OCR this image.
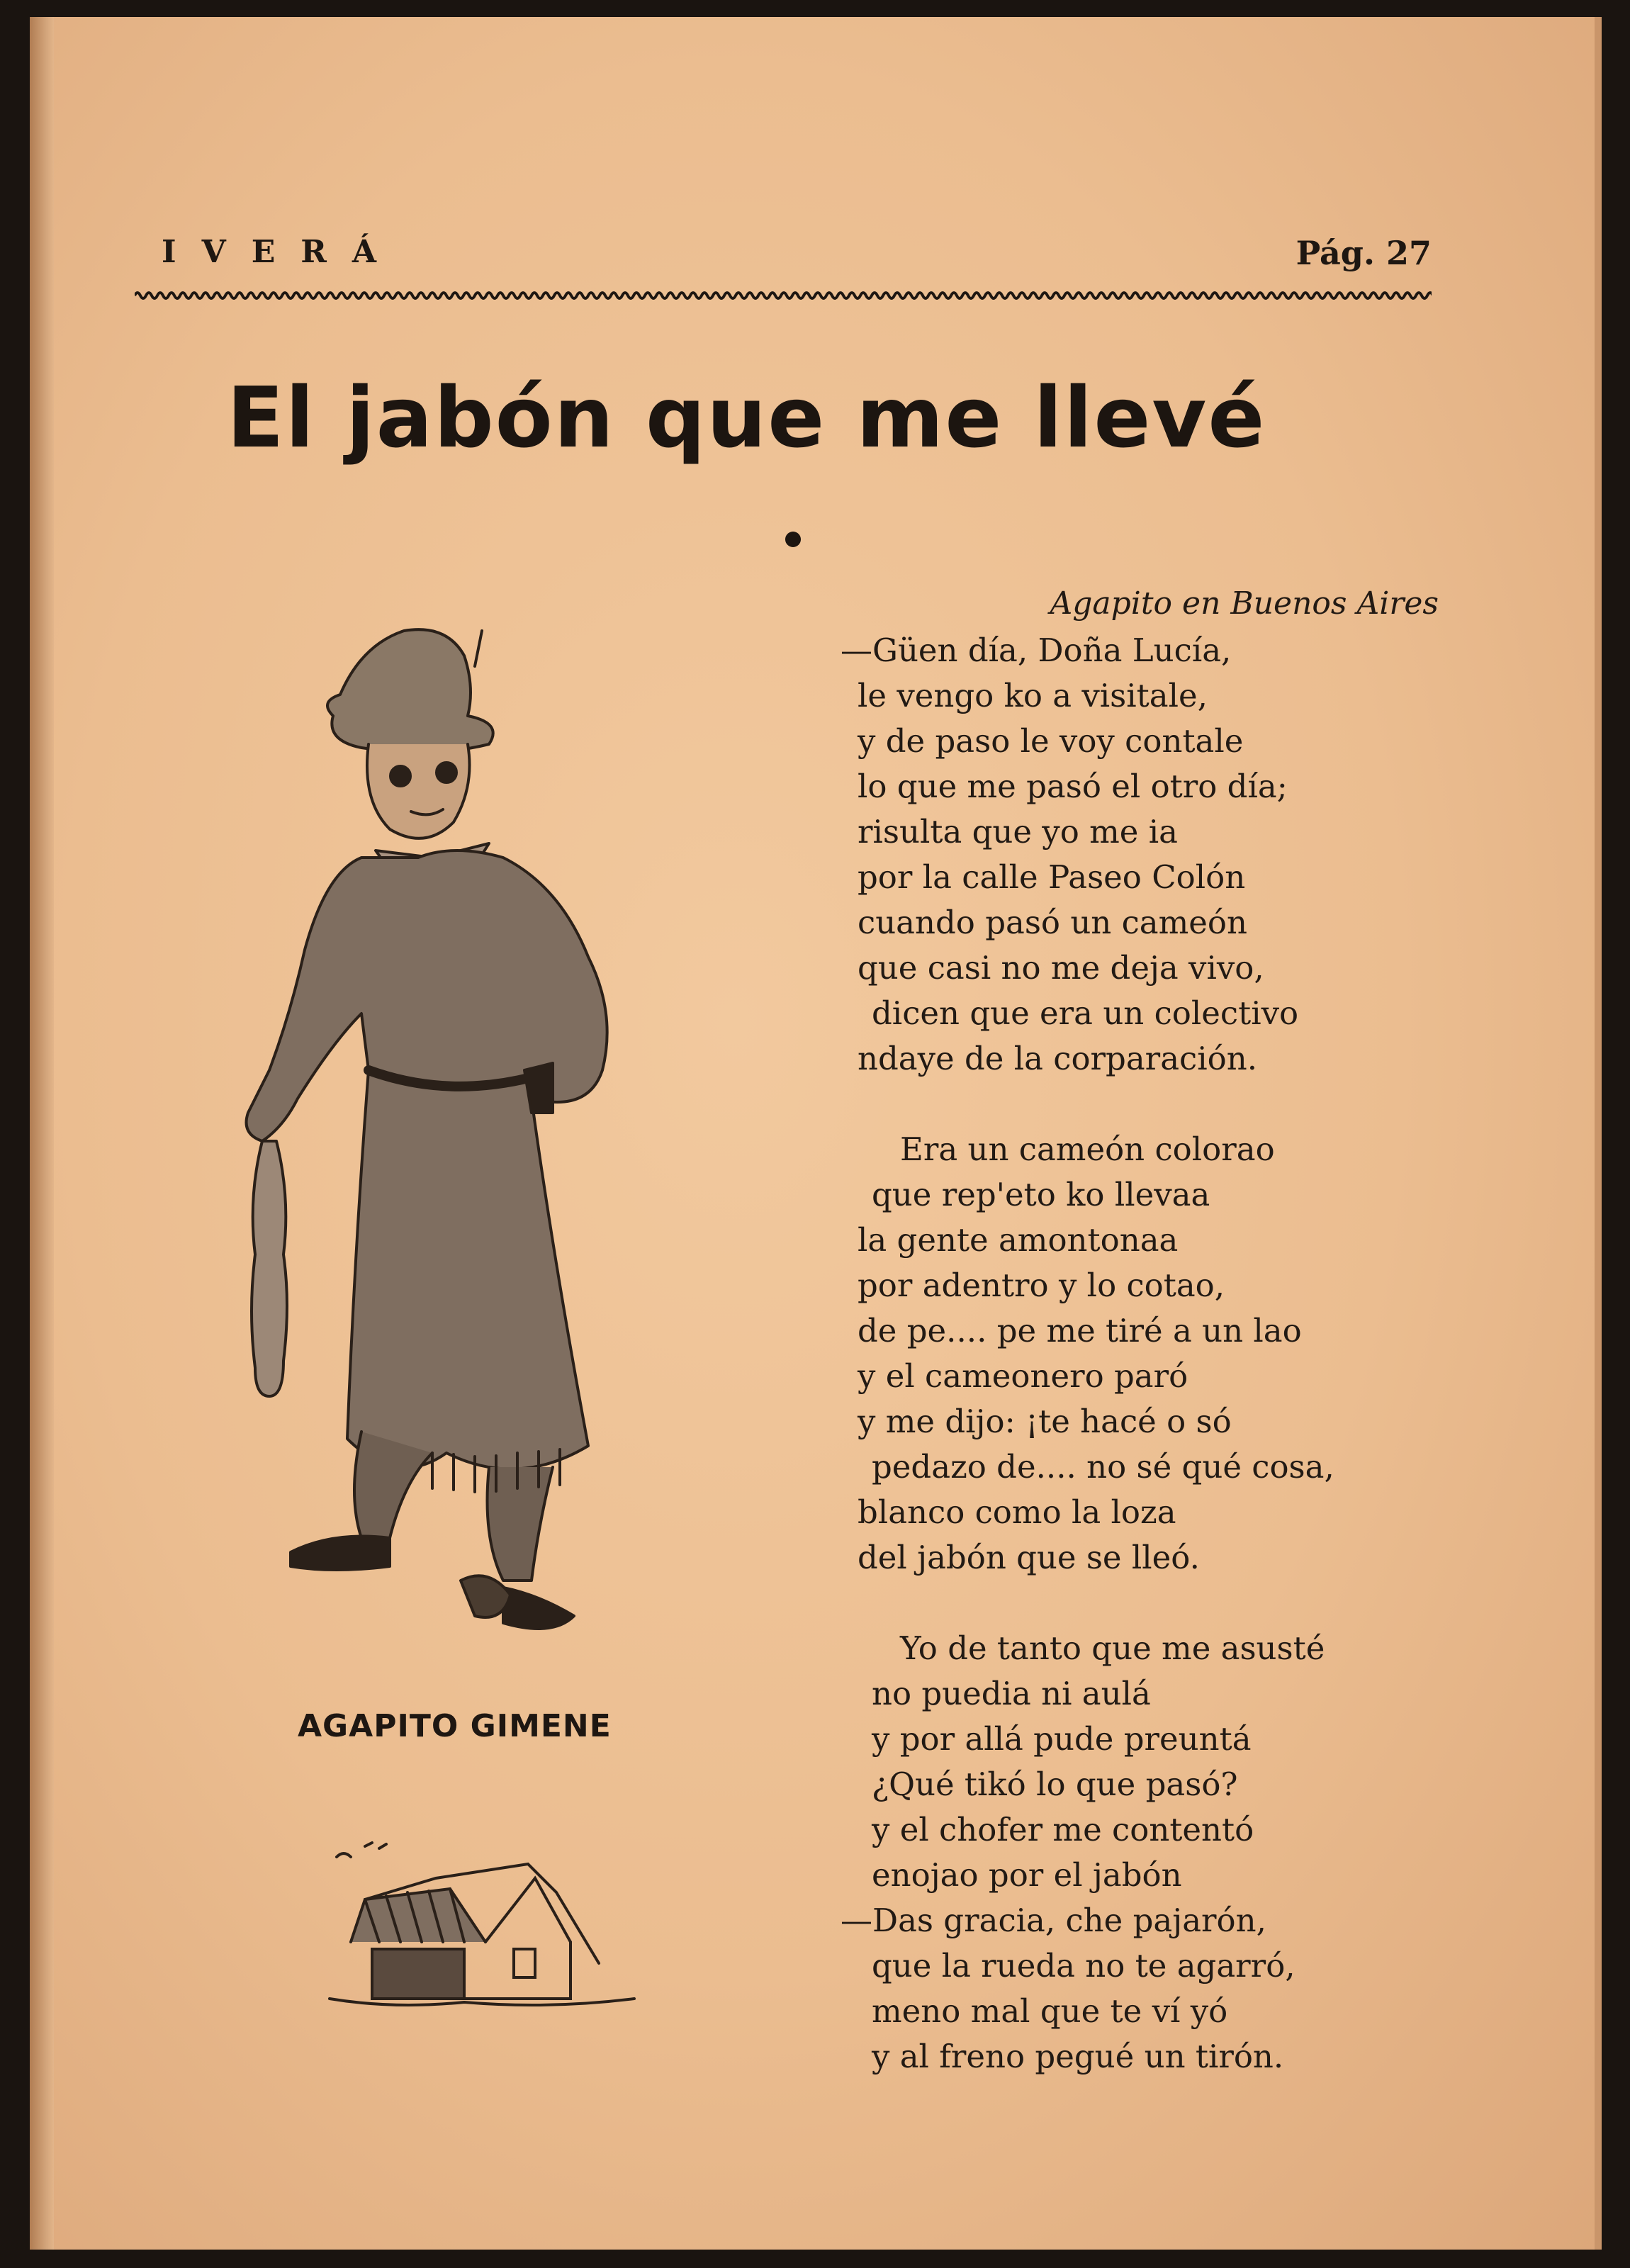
IVERÁ	Pág. 27
El jabón que me llevé
AGAPITO GIMENE
Agapito en Buenos Aires
—Güen día, Doña Lucía,
le vengo ko a visitale,
y de paso le voy contale
lo que me pasó el otro día;
risulta que yo me ia
por la calle Paseo Colón
cuando pasó un cameón
que casi no me deja vivo,
dicen que era un colectivo
ndaye de la corparación.
Era un cameón colorao
que rep'eto ko llevaa
la gente amontonaa
por adentro y lo cotao,
de pe.... pe me tiré a un lao
y el cameonero paró
y me dijo: ¡te hacé o só
pedazo de.... no sé qué cosa,
blanco como la loza
del jabón que se lleó.
Yo de tanto que me asusté
no puedia ni aulá
y por allá pude preuntá
¿Qué tikó lo que pasó?
y el chofer me contentó
enojao por el jabón
—Das gracia, che pajarón,
que la rueda no te agarró,
meno mal que te ví yó
y al freno pegué un tirón.
